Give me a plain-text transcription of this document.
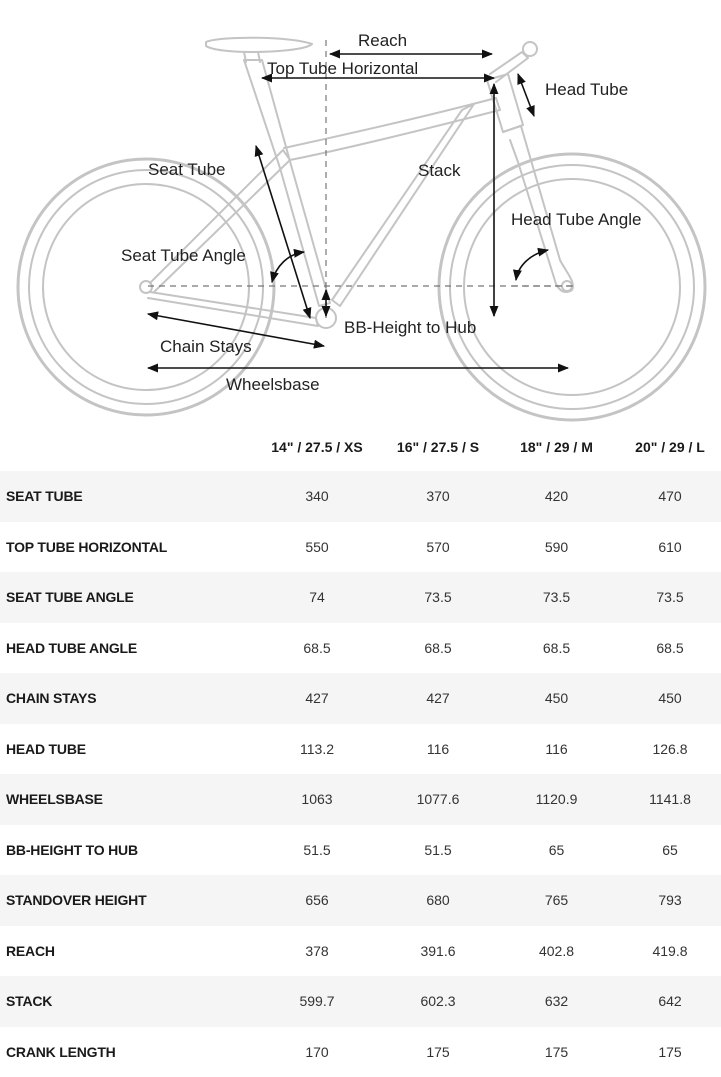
Reach
Top Tube Horizontal
Head Tube
Seat Tube	Stack
Head Tube Angle
Seat Tube Angle
BB-Height to Hub
Chain Stays
Wheelsbase
	14" / 27.5 / XS	16" / 27.5 / S	18" / 29 / M	20" / 29 / L
SEAT TUBE	340	370	420	470
TOP TUBE HORIZONTAL	550	570	590	610
SEAT TUBE ANGLE	74	73.5	73.5	73.5
HEAD TUBE ANGLE	68.5	68.5	68.5	68.5
CHAIN STAYS	427	427	450	450
HEAD TUBE	113.2	116	116	126.8
WHEELSBASE	1063	1077.6	1120.9	1141.8
BB-HEIGHT TO HUB	51.5	51.5	65	65
STANDOVER HEIGHT	656	680	765	793
REACH	378	391.6	402.8	419.8
STACK	599.7	602.3	632	642
CRANK LENGTH	170	175	175	175
